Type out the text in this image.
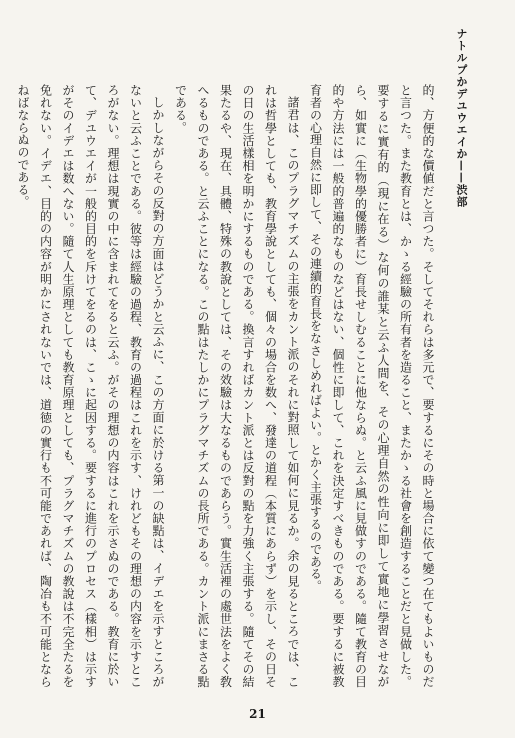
ナトルプかデユウエイか——渋部

的、方便的な價値だと言つた。そしてそれらは多元で、要するにその時と場合に依て變つ在てもよいものだと言つた。また教育とは、かゝる經驗の所有者を造ること、またかゝる社會を創造することだと見做した。要するに實有的（現に在る）な何の誰某と云ふ人間を、その心理自然の性向に即して實地に學習させながら、如實に（生物學的優勝者に）育長せしむることに他ならぬ。と云ふ風に見做すのである。隨て教育の目的や方法には一般的普遍的なものなどはない、個性に即して、これを決定すべきものである。要するに被教育者の心理自然に即して、その連續的育長をなさしめればよい。とかく主張するのである。

諸君は、このプラグマチズムの主張をカント派のそれに對照して如何に見るか。余の見るところでは、これは哲學としても、教育學說としても、個々の場合を数へ、發達の道程（本質にあらず）を示し、その日その日の生活樣相を明かにするものである。換言すればカント派とは反對の點を力強く主張する。隨てその結果たるや、現在、具體、特殊の教說としては、その效驗は大なるものであらう。實生活裡の處世法をよく敎へるものである。と云ふことになる。この點はたしかにプラグマチズムの長所である。カント派にまさる點である。

しかしながらその反對の方面はどうかと云ふに、この方面に於ける第一の缺點は、イデエを示すところがないと云ふことである。彼等は經驗の過程、教育の過程はこれを示す、けれどもその理想の内容を示すところがない。理想は現實の中に含まれてをると云ふ。がその理想の内容はこれを示さぬのである。教育に於いて、デユウエイが一般的目的を斥けてをるのは、こゝに起因する。要するに進行のプロセス（樣相）は示すがそのイデエは数へない。隨て人生原理としても教育原理としても、プラグマチズムの教說は不完全たるを免れない。イデエ、目的の内容が明かにされないでは、道徳の實行も不可能であれば、陶冶も不可能とならねばならぬのである。

21
